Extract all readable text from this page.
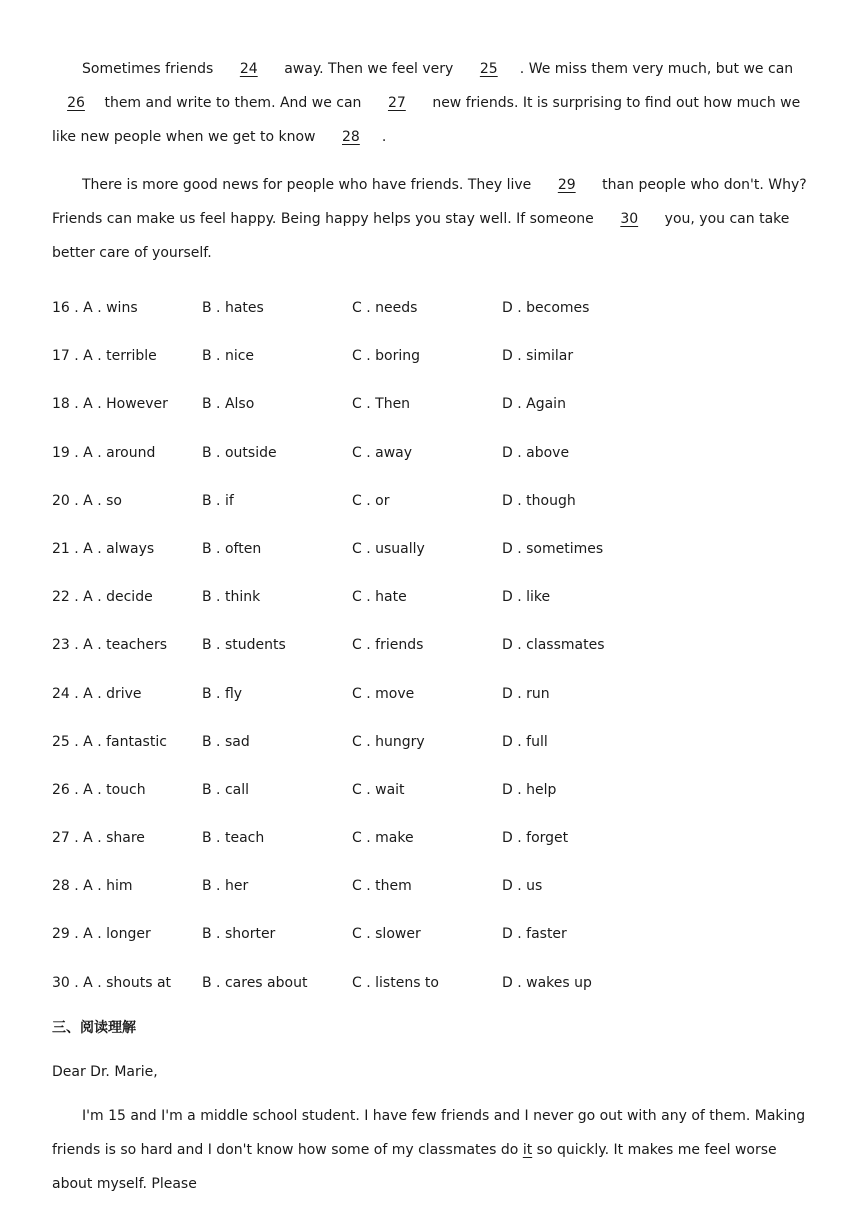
Sometimes friends 24 away. Then we feel very 25 . We miss them very much, but we can 26 them and write to them. And we can 27 new friends. It is surprising to find out how much we like new people when we get to know 28 .

There is more good news for people who have friends. They live 29 than people who don't. Why? Friends can make us feel happy. Being happy helps you stay well. If someone 30 you, you can take better care of yourself.

16 . A . wins	B . hates	C . needs	D . becomes
17 . A . terrible	B . nice	C . boring	D . similar
18 . A . However	B . Also	C . Then	D . Again
19 . A . around	B . outside	C . away	D . above
20 . A . so	B . if	C . or	D . though
21 . A . always	B . often	C . usually	D . sometimes
22 . A . decide	B . think	C . hate	D . like
23 . A . teachers	B . students	C . friends	D . classmates
24 . A . drive	B . fly	C . move	D . run
25 . A . fantastic	B . sad	C . hungry	D . full
26 . A . touch	B . call	C . wait	D . help
27 . A . share	B . teach	C . make	D . forget
28 . A . him	B . her	C . them	D . us
29 . A . longer	B . shorter	C . slower	D . faster
30 . A . shouts at	B . cares about	C . listens to	D . wakes up
三、阅读理解
Dear Dr. Marie,

I'm 15 and I'm a middle school student. I have few friends and I never go out with any of them. Making friends is so hard and I don't know how some of my classmates do it so quickly. It makes me feel worse about myself. Please
